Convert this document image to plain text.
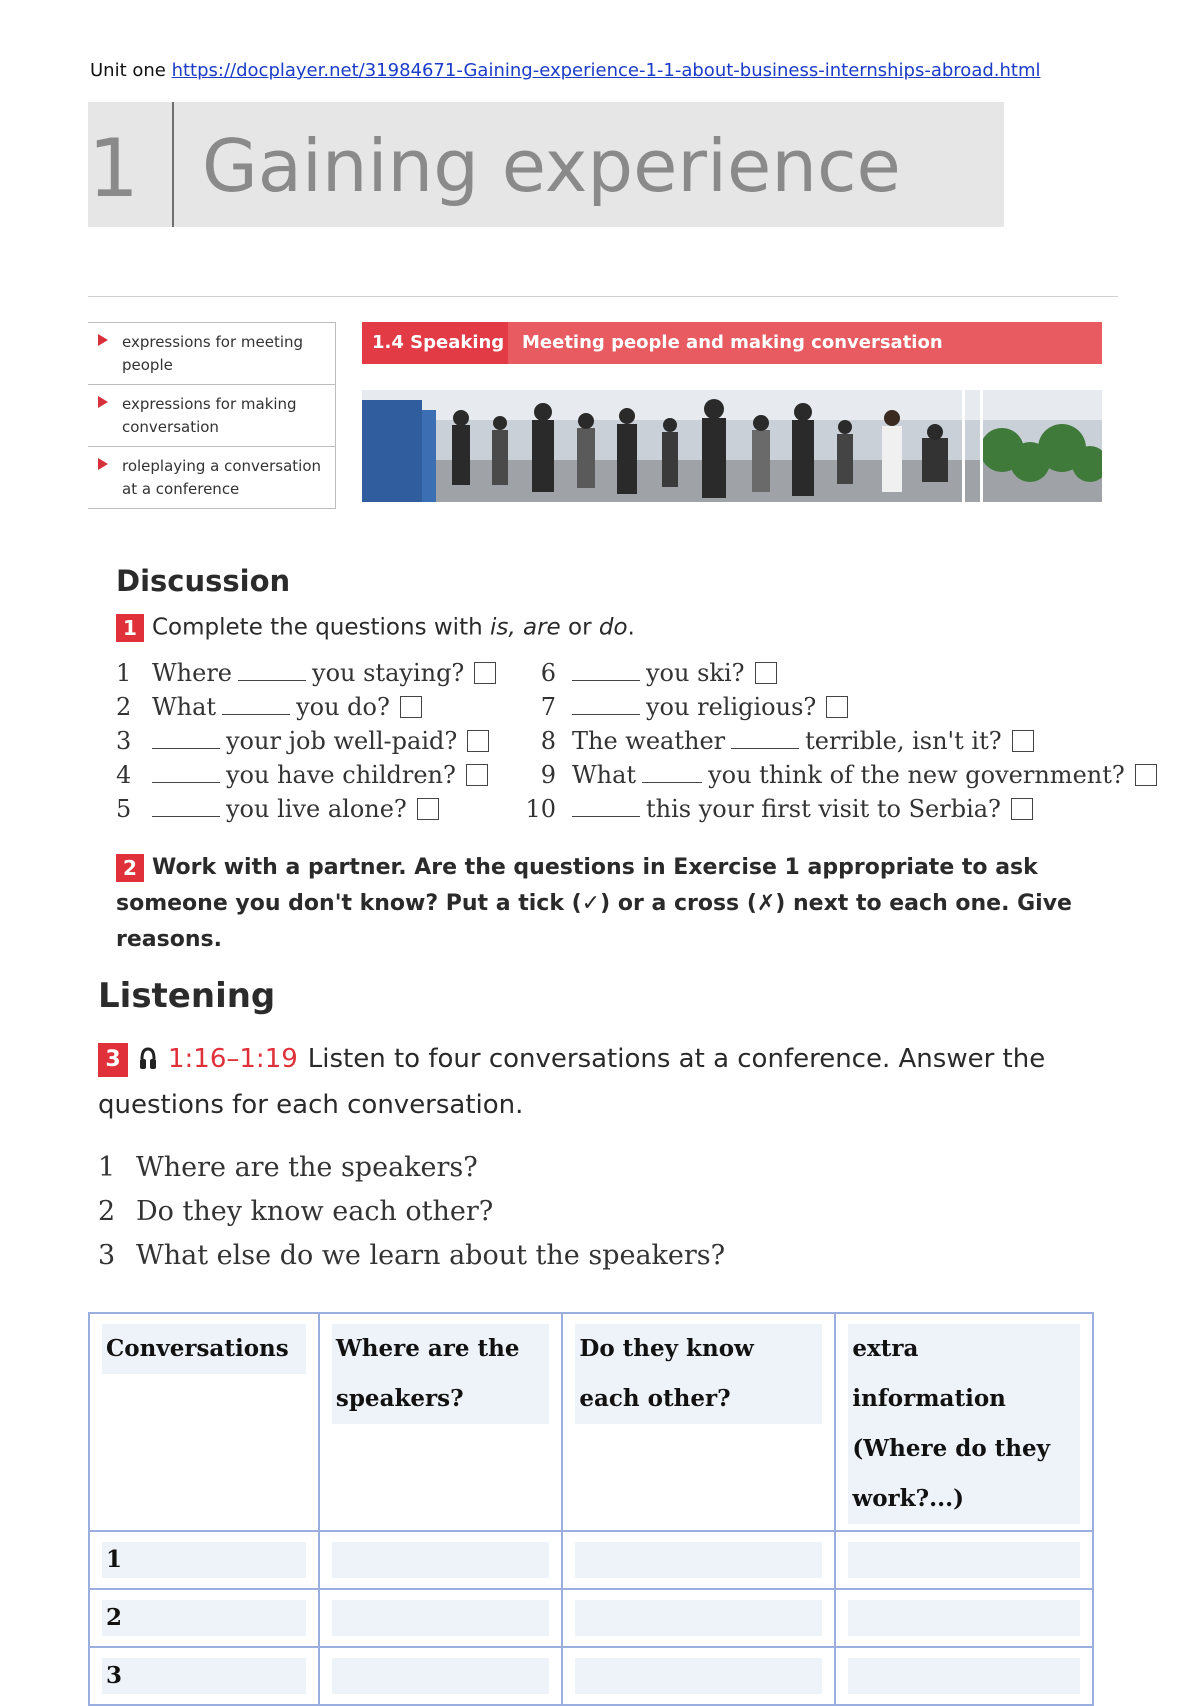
Unit one https://docplayer.net/31984671-Gaining-experience-1-1-about-business-internships-abroad.html
1 Gaining experience
expressions for meeting people
expressions for making conversation
roleplaying a conversation at a conference
1.4 Speaking Meeting people and making conversation
Discussion
1 Complete the questions with is, are or do.
1 Where	you staying?
2 What	you do?
3	your job well-paid?
4	you have children?
5	you live alone?
6	you ski?
7	you religious?
8 The weather	terrible, isn't it?
9 What	you think of the new government?
10	this your first visit to Serbia?
2 Work with a partner. Are the questions in Exercise 1 appropriate to ask someone you don't know? Put a tick (✓) or a cross (✗) next to each one. Give reasons.
Listening
3 1:16–1:19 Listen to four conversations at a conference. Answer the questions for each conversation.
1 Where are the speakers?
2 Do they know each other?
3 What else do we learn about the speakers?
Conversations	Where are the speakers?	Do they know each other?	extra information (Where do they work?...)

1			

2			

3			
